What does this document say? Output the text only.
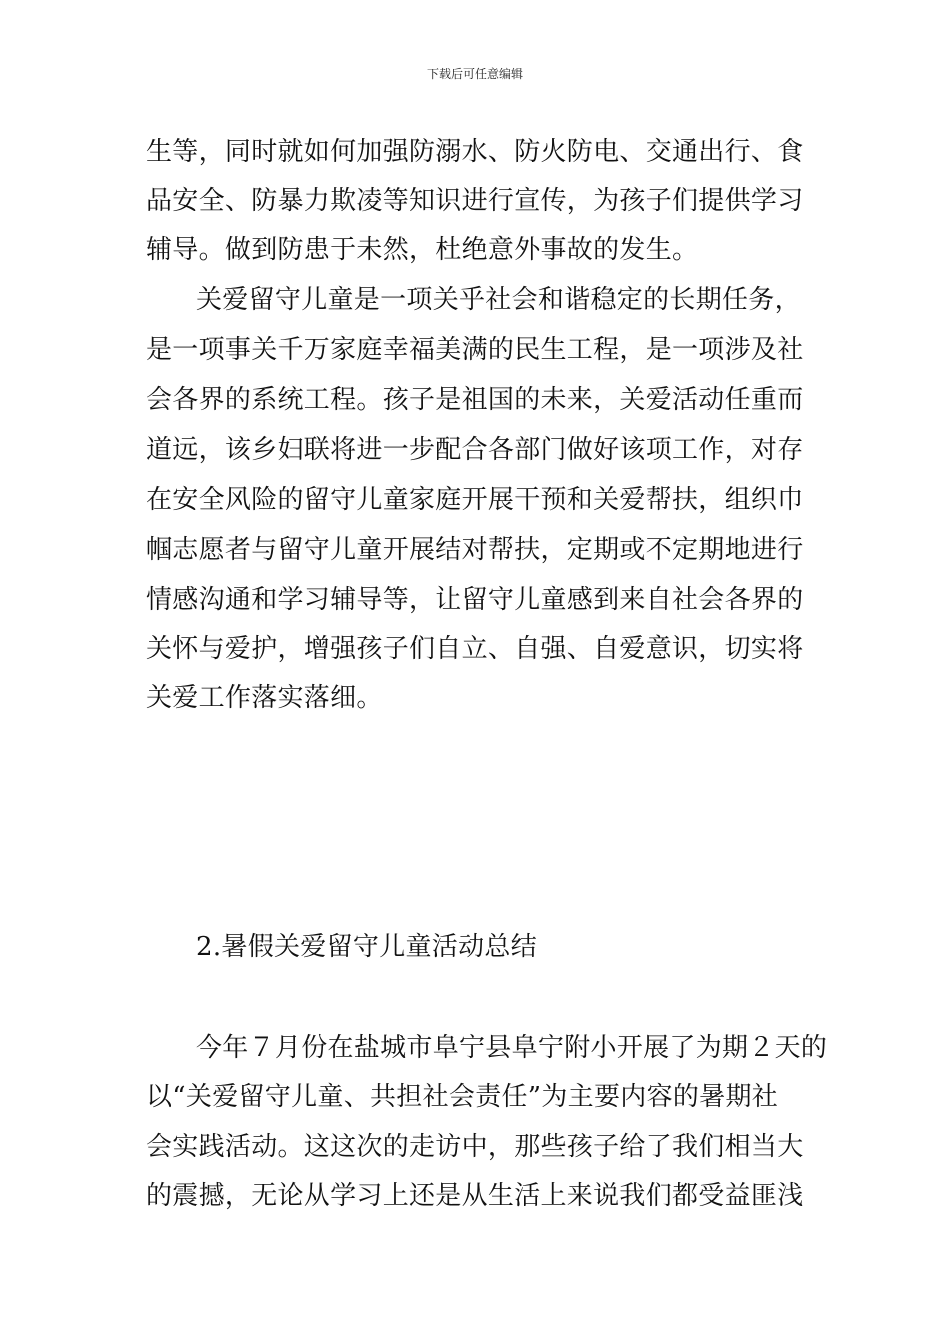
下载后可任意编辑
生等，同时就如何加强防溺水、防火防电、交通出行、食
品安全、防暴力欺凌等知识进行宣传，为孩子们提供学习
辅导。做到防患于未然，杜绝意外事故的发生。
关爱留守儿童是一项关乎社会和谐稳定的长期任务，
是一项事关千万家庭幸福美满的民生工程，是一项涉及社
会各界的系统工程。孩子是祖国的未来，关爱活动任重而
道远，该乡妇联将进一步配合各部门做好该项工作，对存
在安全风险的留守儿童家庭开展干预和关爱帮扶，组织巾
帼志愿者与留守儿童开展结对帮扶，定期或不定期地进行
情感沟通和学习辅导等，让留守儿童感到来自社会各界的
关怀与爱护，增强孩子们自立、自强、自爱意识，切实将
关爱工作落实落细。
2.暑假关爱留守儿童活动总结
今年７月份在盐城市阜宁县阜宁附小开展了为期２天的
以“关爱留守儿童、共担社会责任”为主要内容的暑期社
会实践活动。这这次的走访中，那些孩子给了我们相当大
的震撼，无论从学习上还是从生活上来说我们都受益匪浅
